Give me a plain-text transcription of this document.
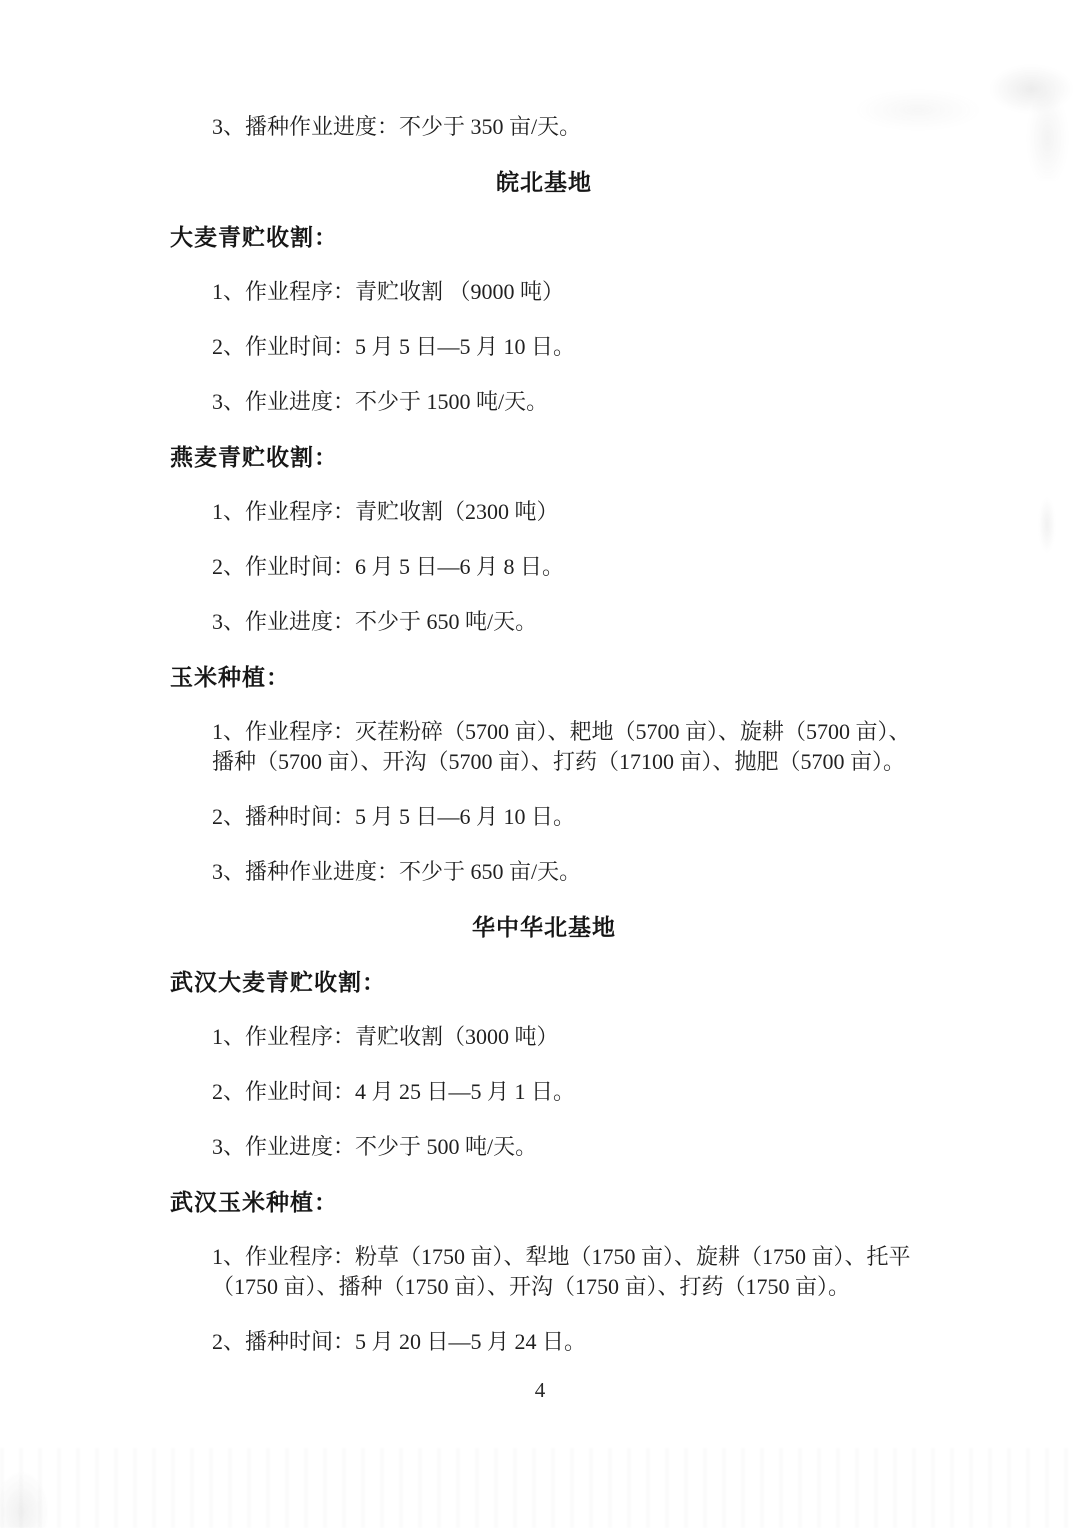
3、播种作业进度：不少于 350 亩/天。

皖北基地
大麦青贮收割：

1、作业程序：青贮收割 （9000 吨）

2、作业时间：5 月 5 日—5 月 10 日。

3、作业进度：不少于 1500 吨/天。

燕麦青贮收割：

1、作业程序：青贮收割（2300 吨）

2、作业时间：6 月 5 日—6 月 8 日。

3、作业进度：不少于 650 吨/天。

玉米种植：

1、作业程序：灭茬粉碎（5700 亩）、耙地（5700 亩）、旋耕（5700 亩）、播种（5700 亩）、开沟（5700 亩）、打药（17100 亩）、抛肥（5700 亩）。

2、播种时间：5 月 5 日—6 月 10 日。

3、播种作业进度：不少于 650 亩/天。

华中华北基地
武汉大麦青贮收割：

1、作业程序：青贮收割（3000 吨）

2、作业时间：4 月 25 日—5 月 1 日。

3、作业进度：不少于 500 吨/天。

武汉玉米种植：

1、作业程序：粉草（1750 亩）、犁地（1750 亩）、旋耕（1750 亩）、托平（1750 亩）、播种（1750 亩）、开沟（1750 亩）、打药（1750 亩）。

2、播种时间：5 月 20 日—5 月 24 日。

4
